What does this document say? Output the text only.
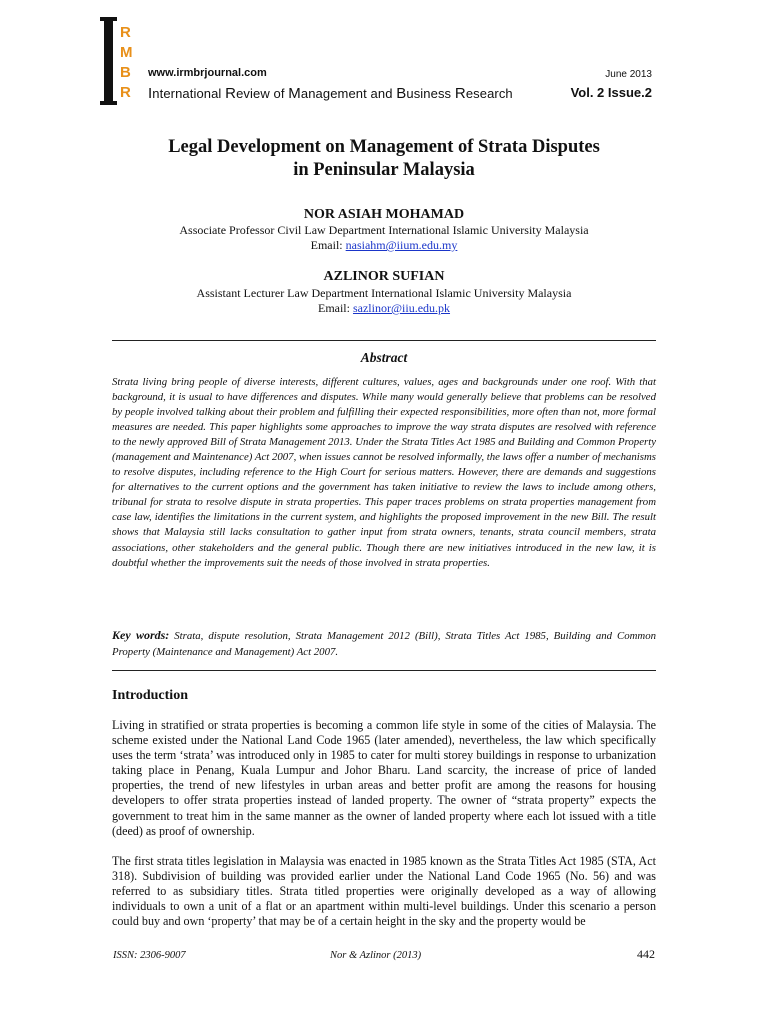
R
M
B
R
www.irmbrjournal.com
International Review of Management and Business Research
June 2013
Vol. 2 Issue.2
Legal Development on Management of Strata Disputes
in Peninsular Malaysia
NOR ASIAH MOHAMAD
Associate Professor Civil Law Department International Islamic University Malaysia
Email: nasiahm@iium.edu.my
AZLINOR SUFIAN
Assistant Lecturer Law Department International Islamic University Malaysia
Email: sazlinor@iiu.edu.pk
Abstract
Strata living bring people of diverse interests, different cultures, values, ages and backgrounds under one roof. With that background, it is usual to have differences and disputes. While many would generally believe that problems can be resolved by people involved talking about their problem and fulfilling their expected responsibilities, more often than not, more formal measures are needed. This paper highlights some approaches to improve the way strata disputes are resolved with reference to the newly approved Bill of Strata Management 2013. Under the Strata Titles Act 1985 and Building and Common Property (management and Maintenance) Act 2007, when issues cannot be resolved informally, the laws offer a number of mechanisms to resolve disputes, including reference to the High Court for serious matters. However, there are demands and suggestions for alternatives to the current options and the government has taken initiative to review the laws to include among others, tribunal for strata to resolve dispute in strata properties. This paper traces problems on strata properties management from case law, identifies the limitations in the current system, and highlights the proposed improvement in the new Bill. The result shows that Malaysia still lacks consultation to gather input from strata owners, tenants, strata council members, strata associations, other stakeholders and the general public. Though there are new initiatives introduced in the new law, it is doubtful whether the improvements suit the needs of those involved in strata properties.
Key words: Strata, dispute resolution, Strata Management 2012 (Bill), Strata Titles Act 1985, Building and Common Property (Maintenance and Management) Act 2007.
Introduction
Living in stratified or strata properties is becoming a common life style in some of the cities of Malaysia. The scheme existed under the National Land Code 1965 (later amended), nevertheless, the law which specifically uses the term ‘strata’ was introduced only in 1985 to cater for multi storey buildings in response to urbanization taking place in Penang, Kuala Lumpur and Johor Bharu. Land scarcity, the increase of price of landed properties, the trend of new lifestyles in urban areas and better profit are among the reasons for housing developers to offer strata properties instead of landed property. The owner of “strata property” expects the government to treat him in the same manner as the owner of landed property where each lot issued with a title (deed) as proof of ownership.
The first strata titles legislation in Malaysia was enacted in 1985 known as the Strata Titles Act 1985 (STA, Act 318). Subdivision of building was provided earlier under the National Land Code 1965 (No. 56) and was referred to as subsidiary titles. Strata titled properties were originally developed as a way of allowing individuals to own a unit of a flat or an apartment within multi-level buildings. Under this scenario a person could buy and own ‘property’ that may be of a certain height in the sky and the property would be
ISSN: 2306-9007	Nor & Azlinor (2013)	442
